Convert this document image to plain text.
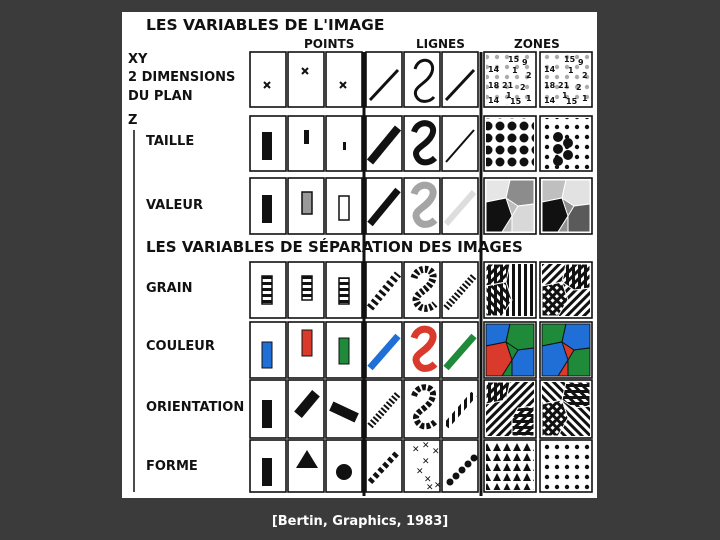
LES VARIABLES DE L'IMAGE
POINTS	LIGNES	ZONES
XY
2 DIMENSIONS
DU PLAN
Z
TAILLE
VALEUR
LES VARIABLES DE SÉPARATION DES IMAGES
GRAIN
COULEUR
ORIENTATION
FORME
15 9
14 1
2
18 21 2
1 1
14 15
15 9
14 1
2
18 21 2
1 1
14 15
✕ ✕
✕
✕
✕
✕
✕
✕
[Bertin, Graphics, 1983]
